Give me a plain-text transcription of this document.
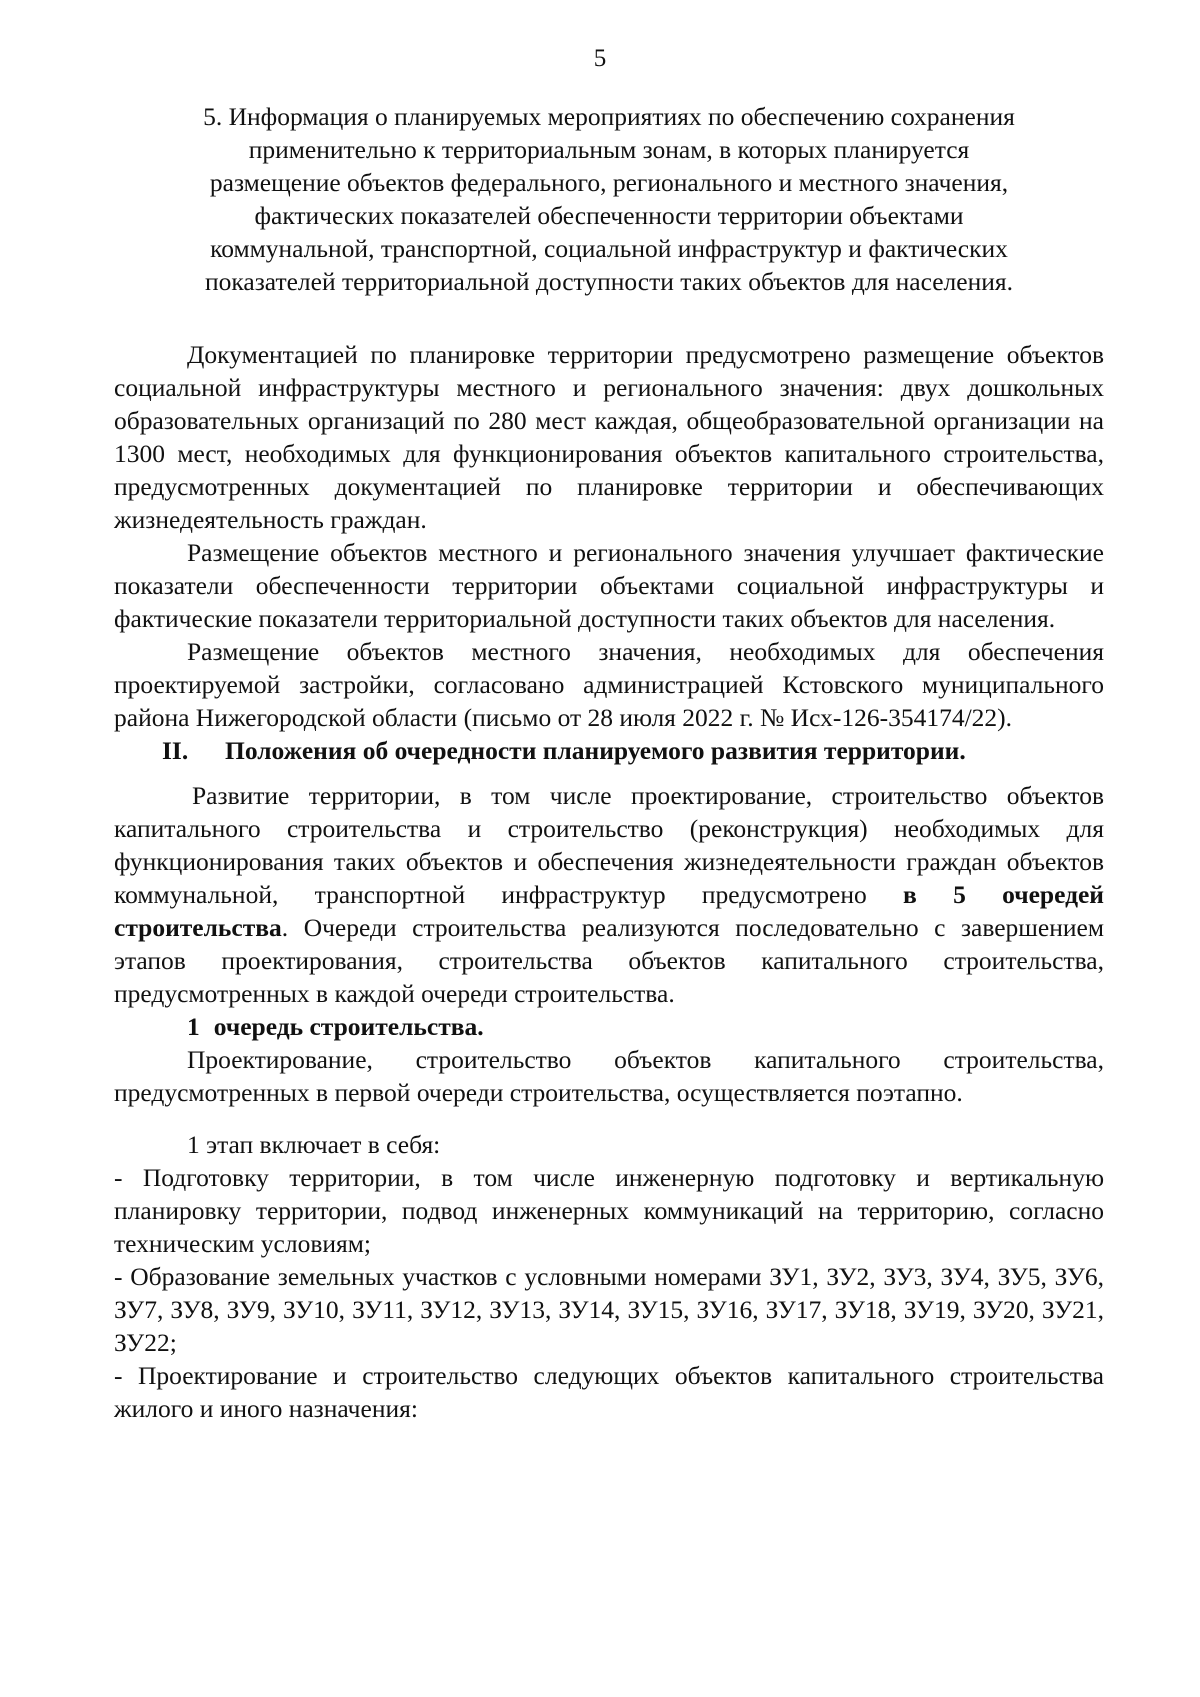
5

5. Информация о планируемых мероприятиях по обеспечению сохранения
применительно к территориальным зонам, в которых планируется
размещение объектов федерального, регионального и местного значения,
фактических показателей обеспеченности территории объектами
коммунальной, транспортной, социальной инфраструктур и фактических
показателей территориальной доступности таких объектов для населения.

Документацией по планировке территории предусмотрено размещение объектов социальной инфраструктуры местного и регионального значения: двух дошкольных образовательных организаций по 280 мест каждая, общеобразовательной организации на 1300 мест, необходимых для функционирования объектов капитального строительства, предусмотренных документацией по планировке территории и обеспечивающих жизнедеятельность граждан.

Размещение объектов местного и регионального значения улучшает фактические показатели обеспеченности территории объектами социальной инфраструктуры и фактические показатели территориальной доступности таких объектов для населения.

Размещение объектов местного значения, необходимых для обеспечения проектируемой застройки, согласовано администрацией Кстовского муниципального района Нижегородской области (письмо от 28 июля 2022 г. № Исх-126-354174/22).

II.	Положения об очередности планируемого развития территории.

Развитие территории, в том числе проектирование, строительство объектов капитального строительства и строительство (реконструкция) необходимых для функционирования таких объектов и обеспечения жизнедеятельности граждан объектов коммунальной, транспортной инфраструктур предусмотрено в 5 очередей строительства. Очереди строительства реализуются последовательно с завершением этапов проектирования, строительства объектов капитального строительства, предусмотренных в каждой очереди строительства.

1 очередь строительства.

Проектирование, строительство объектов капитального строительства, предусмотренных в первой очереди строительства, осуществляется поэтапно.

1 этап включает в себя:

- Подготовку территории, в том числе инженерную подготовку и вертикальную планировку территории, подвод инженерных коммуникаций на территорию, согласно техническим условиям;

- Образование земельных участков с условными номерами ЗУ1, ЗУ2, ЗУ3, ЗУ4, ЗУ5, ЗУ6, ЗУ7, ЗУ8, ЗУ9, ЗУ10, ЗУ11, ЗУ12, ЗУ13, ЗУ14, ЗУ15, ЗУ16, ЗУ17, ЗУ18, ЗУ19, ЗУ20, ЗУ21, ЗУ22;

- Проектирование и строительство следующих объектов капитального строительства жилого и иного назначения:
